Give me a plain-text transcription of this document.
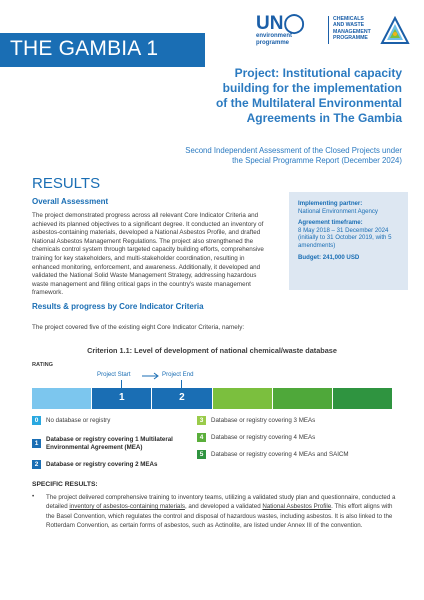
THE GAMBIA 1
UN◯
environment
programme
CHEMICALS
AND WASTE
MANAGEMENT
PROGRAMME
Project: Institutional capacity
building for the implementation
of the Multilateral Environmental
Agreements in The Gambia
Second Independent Assessment of the Closed Projects under
the Special Programme Report (December 2024)
RESULTS
Overall Assessment
The project demonstrated progress across all relevant Core Indicator Criteria and achieved its planned objectives to a significant degree. It conducted an inventory of asbestos-containing materials, developed a National Asbestos Profile, and drafted National Asbestos Management Regulations. The project also strengthened the chemicals control system through targeted capacity building efforts, comprehensive training for key stakeholders, and multi-stakeholder coordination, resulting in enhanced monitoring, enforcement, and awareness. Additionally, it developed and validated the National Solid Waste Management Strategy, addressing hazardous waste management and filling critical gaps in the country's waste management framework.
Results & progress by Core Indicator Criteria
The project covered five of the existing eight Core Indicator Criteria, namely:
Implementing partner:
National Environment Agency
Agreement timeframe:
8 May 2018 – 31 December 2024 (initially to 31 October 2019, with 5 amendments)
Budget: 241,000 USD
Criterion 1.1: Level of development of national chemical/waste database
RATING
Project Start	Project End
1	2
0	No database or registry
1
Database or registry covering 1 Multilateral Environmental Agreement (MEA)
2	Database or registry covering 2 MEAs
3	Database or registry covering 3 MEAs
4	Database or registry covering 4 MEAs
5	Database or registry covering 4 MEAs and SAICM
SPECIFIC RESULTS:
• The project delivered comprehensive training to inventory teams, utilizing a validated study plan and questionnaire, conducted a detailed inventory of asbestos-containing materials, and developed a validated National Asbestos Profile. This effort aligns with the Basel Convention, which regulates the control and disposal of hazardous wastes, including asbestos. It is also linked to the Rotterdam Convention, as certain forms of asbestos, such as Actinolite, are listed under Annex III of the convention.
